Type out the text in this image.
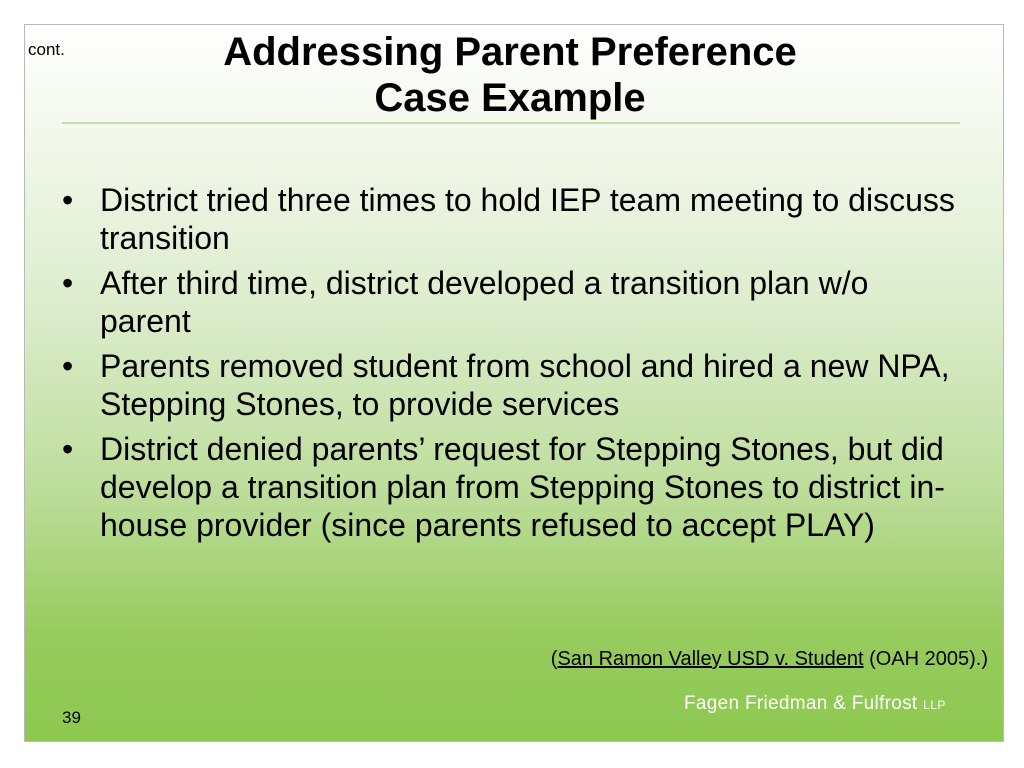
cont.	Addressing Parent Preference
Case Example
• District tried three times to hold IEP team meeting to discuss transition
• After third time, district developed a transition plan w/o parent
• Parents removed student from school and hired a new NPA, Stepping Stones, to provide services
• District denied parents’ request for Stepping Stones, but did develop a transition plan from Stepping Stones to district in-house provider (since parents refused to accept PLAY)
(San Ramon Valley USD v. Student (OAH 2005).)
39
Fagen Friedman & Fulfrost LLP
